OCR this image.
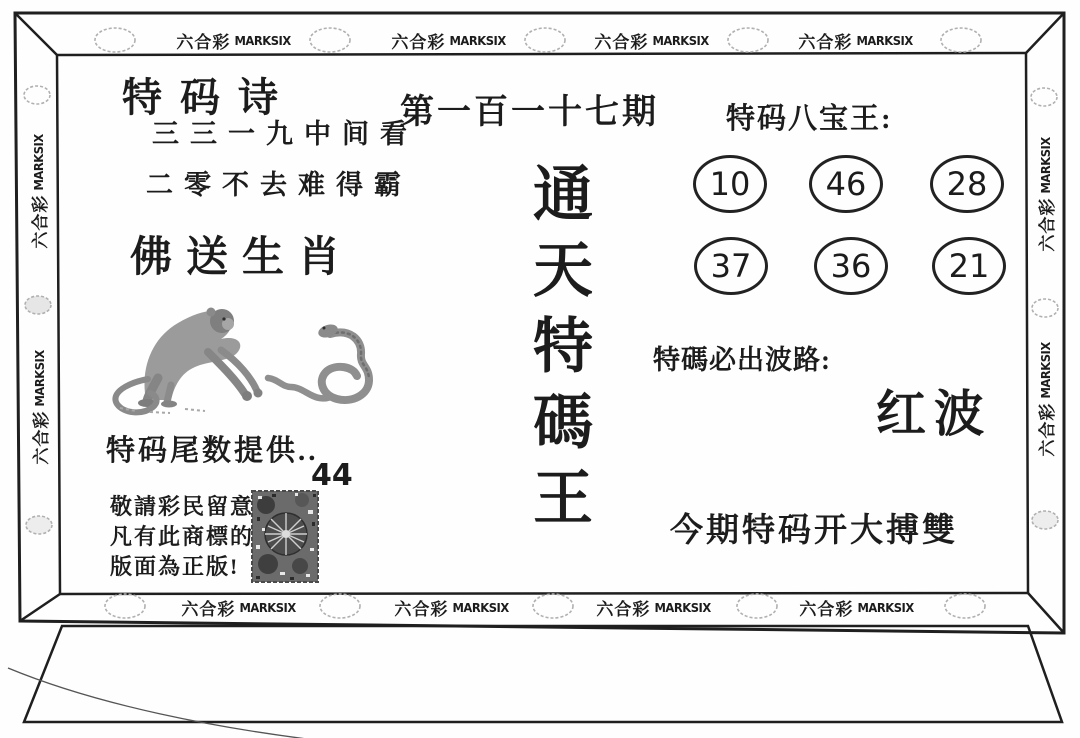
六合彩 MARKSIX	六合彩 MARKSIX	六合彩 MARKSIX	六合彩 MARKSIX
六合彩 MARKSIX	六合彩 MARKSIX	六合彩 MARKSIX	六合彩 MARKSIX
六合彩
MARKSIX
六合彩
MARKSIX
六合彩
MARKSIX
六合彩
MARKSIX
特码诗
三三一九中间看
二零不去难得霸
佛送生肖
特码尾数提供..
44
敬請彩民留意
凡有此商標的
版面為正版!
第一百一十七期
通天特碼王
特码八宝王:
10 46	28
37 36 21
特碼必出波路:
红波
今期特码开大搏雙
